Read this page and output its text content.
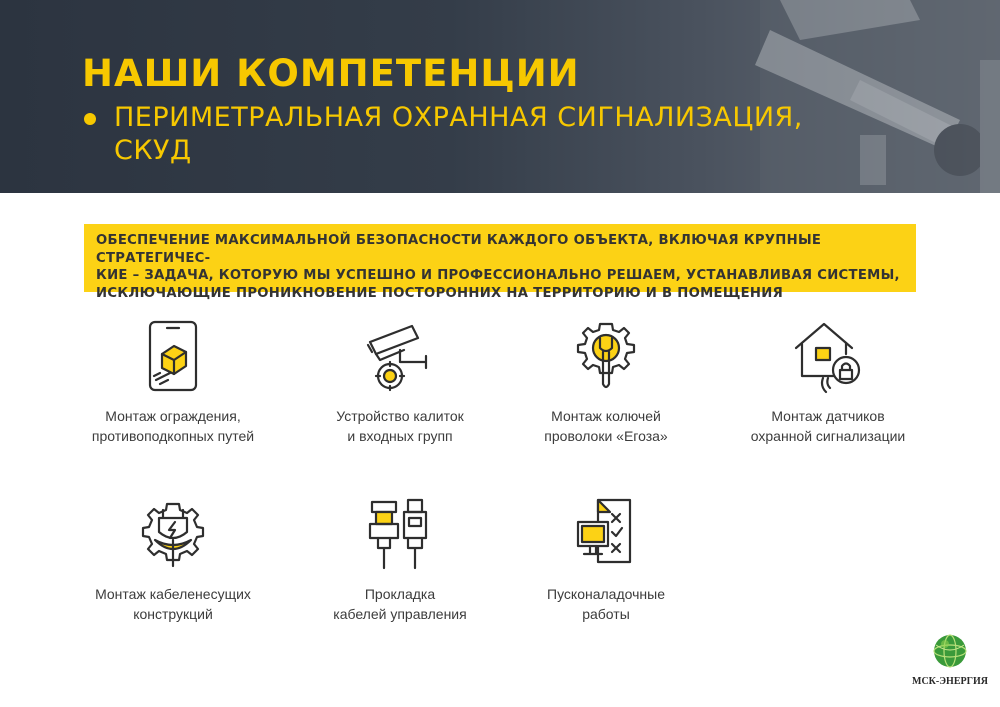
НАШИ КОМПЕТЕНЦИИ
ПЕРИМЕТРАЛЬНАЯ ОХРАННАЯ СИГНАЛИЗАЦИЯ,
СКУД
ОБЕСПЕЧЕНИЕ МАКСИМАЛЬНОЙ БЕЗОПАСНОСТИ КАЖДОГО ОБЪЕКТА, ВКЛЮЧАЯ КРУПНЫЕ СТРАТЕГИЧЕС-
КИЕ – ЗАДАЧА, КОТОРУЮ МЫ УСПЕШНО И ПРОФЕССИОНАЛЬНО РЕШАЕМ, УСТАНАВЛИВАЯ СИСТЕМЫ,
ИСКЛЮЧАЮЩИЕ ПРОНИКНОВЕНИЕ ПОСТОРОННИХ НА ТЕРРИТОРИЮ И В ПОМЕЩЕНИЯ
Монтаж ограждения,
противоподкопных путей
Устройство калиток
и входных групп
Монтаж колючей
проволоки «Егоза»
Монтаж датчиков
охранной сигнализации
Монтаж кабеленесущих
конструкций
Прокладка
кабелей управления
Пусконаладочные
работы
МСК-ЭНЕРГИЯ
